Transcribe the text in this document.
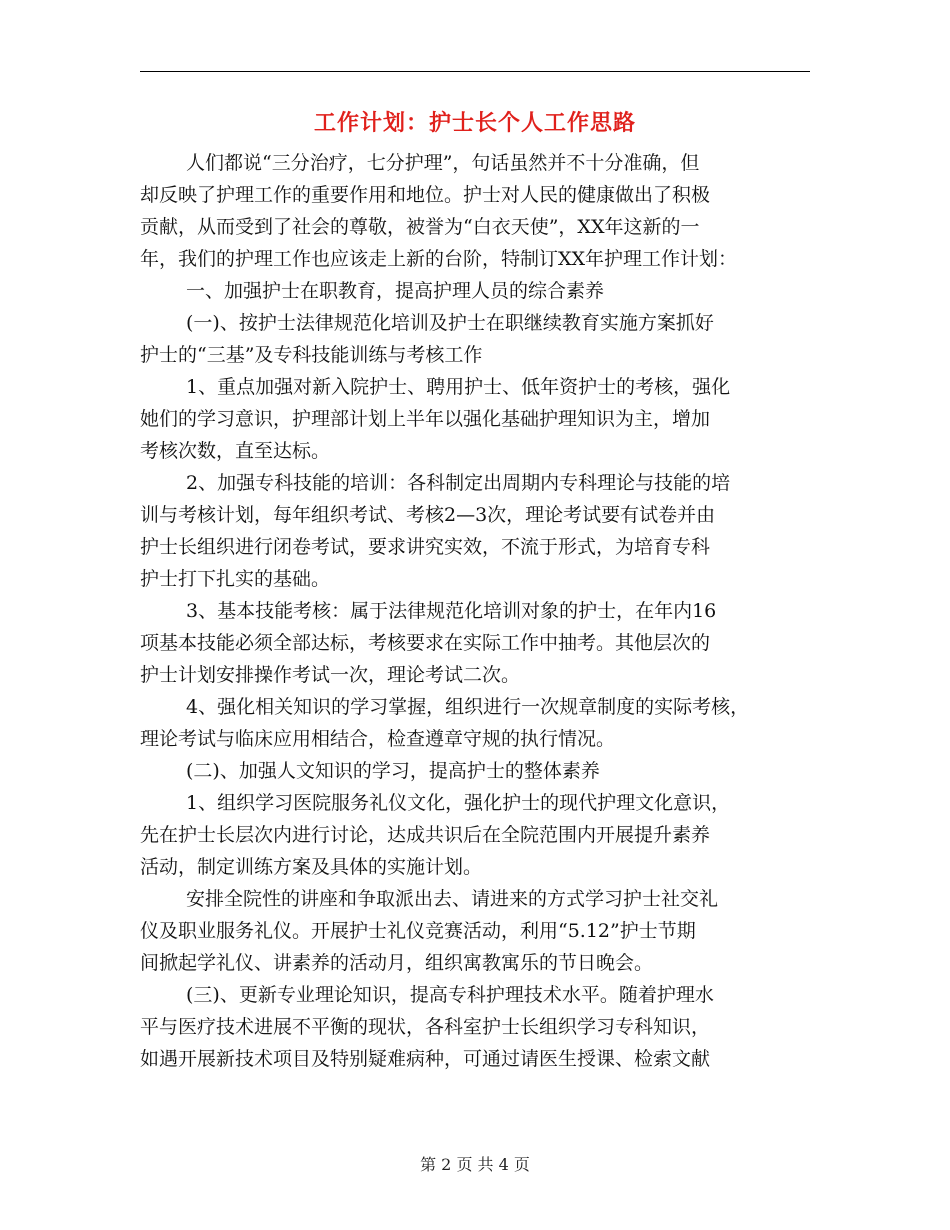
工作计划：护士长个人工作思路

人们都说“三分治疗，七分护理”，句话虽然并不十分准确，但

却反映了护理工作的重要作用和地位。护士对人民的健康做出了积极

贡献，从而受到了社会的尊敬，被誉为“白衣天使”，XX年这新的一

年，我们的护理工作也应该走上新的台阶，特制订XX年护理工作计划：

一、加强护士在职教育，提高护理人员的综合素养

(一)、按护士法律规范化培训及护士在职继续教育实施方案抓好

护士的“三基”及专科技能训练与考核工作

1、重点加强对新入院护士、聘用护士、低年资护士的考核，强化

她们的学习意识，护理部计划上半年以强化基础护理知识为主，增加

考核次数，直至达标。

2、加强专科技能的培训：各科制定出周期内专科理论与技能的培

训与考核计划，每年组织考试、考核2—3次，理论考试要有试卷并由

护士长组织进行闭卷考试，要求讲究实效，不流于形式，为培育专科

护士打下扎实的基础。

3、基本技能考核：属于法律规范化培训对象的护士，在年内16

项基本技能必须全部达标，考核要求在实际工作中抽考。其他层次的

护士计划安排操作考试一次，理论考试二次。

4、强化相关知识的学习掌握，组织进行一次规章制度的实际考核，

理论考试与临床应用相结合，检查遵章守规的执行情况。

(二)、加强人文知识的学习，提高护士的整体素养

1、组织学习医院服务礼仪文化，强化护士的现代护理文化意识，

先在护士长层次内进行讨论，达成共识后在全院范围内开展提升素养

活动，制定训练方案及具体的实施计划。

安排全院性的讲座和争取派出去、请进来的方式学习护士社交礼

仪及职业服务礼仪。开展护士礼仪竞赛活动，利用“5.12”护士节期

间掀起学礼仪、讲素养的活动月，组织寓教寓乐的节日晚会。

(三)、更新专业理论知识，提高专科护理技术水平。随着护理水

平与医疗技术进展不平衡的现状，各科室护士长组织学习专科知识，

如遇开展新技术项目及特别疑难病种，可通过请医生授课、检索文献

第 2 页 共 4 页
